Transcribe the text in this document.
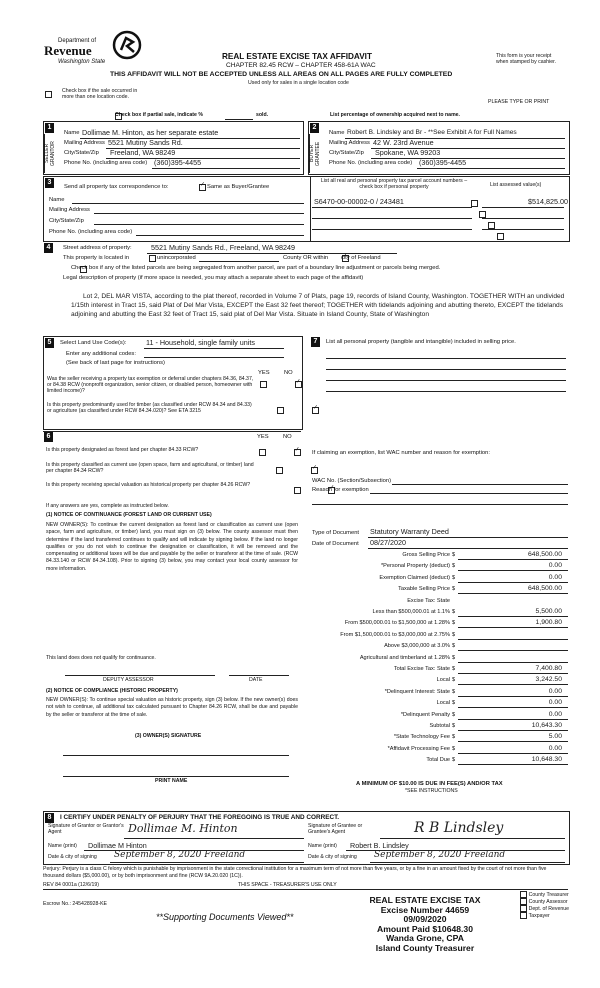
Department of
Revenue
Washington State
REAL ESTATE EXCISE TAX AFFIDAVIT
CHAPTER 82.45 RCW – CHAPTER 458-61A WAC
This form is your receipt
when stamped by cashier.
THIS AFFIDAVIT WILL NOT BE ACCEPTED UNLESS ALL AREAS ON ALL PAGES ARE FULLY COMPLETED
Used only for sales in a single location code

Check box if the sale occurred in more than one location code.
PLEASE TYPE OR PRINT
Check box if partial sale, indicate %	sold.	List percentage of ownership acquired next to name.
1
SELLER GRANTOR
Name Dollimae M. Hinton, as her separate estate
Mailing Address 5521 Mutiny Sands Rd.
City/State/Zip Freeland, WA 98249
Phone No. (including area code) (360)395-4455
2
BUYER GRANTEE
Name Robert B. Lindsley and Br - **See Exhibit A for Full Names
Mailing Address 42 W. 23rd Avenue
City/State/Zip Spokane, WA 99203
Phone No. (including area code) (360)395-4455
3
Send all property tax correspondence to: ✓	Same as Buyer/Grantee
Name
Mailing Address
City/State/Zip
Phone No. (including area code)
List all real and personal property tax parcel account numbers – check box if personal property	List assessed value(s)
S6470-00-00002-0 / 243481
	$514,825.00

4	Street address of property:	5521 Mutiny Sands Rd., Freeland, WA 98249
This property is located in
	unincorporated	County OR within ✓ city of Freeland
Check box if any of the listed parcels are being segregated from another parcel, are part of a boundary line adjustment or parcels being merged.
Legal description of property (if more space is needed, you may attach a separate sheet to each page of the affidavit)
Lot 2, DEL MAR VISTA, according to the plat thereof, recorded in Volume 7 of Plats, page 19, records of Island County, Washington. TOGETHER WITH an undivided 1/15th interest in Tract 15, said Plat of Del Mar Vista, EXCEPT the East 32 feet thereof; TOGETHER with tidelands adjoining and abutting thereto, EXCEPT the tidelands adjoining and abutting the East 32 feet of Tract 15, said plat of Del Mar Vista. Situate in Island County, State of Washington
5	Select Land Use Code(s):	11 - Household, single family units
Enter any additional codes:
(See back of last page for instructions)
YES NO
Was the seller receiving a property tax exemption or deferral under chapters 84.36, 84.37, or 84.38 RCW (nonprofit organization, senior citizen, or disabled person, homeowner with limited income)?
✓
Is this property predominantly used for timber (as classified under RCW 84.34 and 84.33) or agriculture (as classified under RCW 84.34.020)? See ETA 3215
✓
7	List all personal property (tangible and intangible) included in selling price.
6	YES NO
Is this property designated as forest land per chapter 84.33 RCW?
✓
Is this property classified as current use (open space, farm and agricultural, or timber) land per chapter 84.34 RCW?
✓
Is this property receiving special valuation as historical property per chapter 84.26 RCW?
✓
If any answers are yes, complete as instructed below.
(1) NOTICE OF CONTINUANCE (FOREST LAND OR CURRENT USE)
NEW OWNER(S): To continue the current designation as forest land or classification as current use (open space, farm and agriculture, or timber) land, you must sign on (3) below. The county assessor must then determine if the land transferred continues to qualify and will indicate by signing below. If the land no longer qualifies or you do not wish to continue the designation or classification, it will be removed and the compensating or additional taxes will be due and payable by the seller or transferor at the time of sale. (RCW 84.33.140 or RCW 84.34.108). Prior to signing (3) below, you may contact your local county assessor for more information.
This land does does not qualify for continuance.
DEPUTY ASSESSOR	DATE
(2) NOTICE OF COMPLIANCE (HISTORIC PROPERTY)
NEW OWNER(S): To continue special valuation as historic property, sign (3) below. If the new owner(s) does not wish to continue, all additional tax calculated pursuant to Chapter 84.26 RCW, shall be due and payable by the seller or transferor at the time of sale.
(3) OWNER(S) SIGNATURE
PRINT NAME
If claiming an exemption, list WAC number and reason for exemption:
WAC No. (Section/Subsection)
Reason for exemption
Type of Document Statutory Warranty Deed
Date of Document 08/27/2020
Gross Selling Price $	648,500.00
*Personal Property (deduct) $	0.00
Exemption Claimed (deduct) $	0.00
Taxable Selling Price $	648,500.00
Excise Tax: State
Less than $500,000.01 at 1.1% $	5,500.00
From $500,000.01 to $1,500,000 at 1.28% $	1,900.80
From $1,500,000.01 to $3,000,000 at 2.75% $
Above $3,000,000 at 3.0% $
Agricultural and timberland at 1.28% $
Total Excise Tax: State $	7,400.80
Local $	3,242.50
*Delinquent Interest: State $	0.00
Local $	0.00
*Delinquent Penalty $	0.00
Subtotal $	10,643.30
*State Technology Fee $	5.00
*Affidavit Processing Fee $	0.00
Total Due $	10,648.30
A MINIMUM OF $10.00 IS DUE IN FEE(S) AND/OR TAX
*SEE INSTRUCTIONS
8	I CERTIFY UNDER PENALTY OF PERJURY THAT THE FOREGOING IS TRUE AND CORRECT.
Signature of Grantor or Grantor's Agent	Dollimae M. Hinton	Signature of Grantee or Grantee's Agent	R B Lindsley
Name (print) Dollimae M Hinton	Name (print) Robert B. Lindsley
Date & city of signing September 8, 2020 Freeland	Date & city of signing September 8, 2020 Freeland
Perjury: Perjury is a class C felony which is punishable by imprisonment in the state correctional institution for a maximum term of not more than five years, or by a fine in an amount fixed by the court of not more than five thousand dollars ($5,000.00), or by both imprisonment and fine (RCW 9A.20.020 (1C)).
REV 84 0001a (12/6/19)	THIS SPACE - TREASURER'S USE ONLY
Escrow No.: 245428928-KE
**Supporting Documents Viewed**
County Treasurer
County Assessor
Dept. of Revenue
Taxpayer
REAL ESTATE EXCISE TAX
Excise Number 44659
09/09/2020
Amount Paid $10648.30
Wanda Grone, CPA
Island County Treasurer
